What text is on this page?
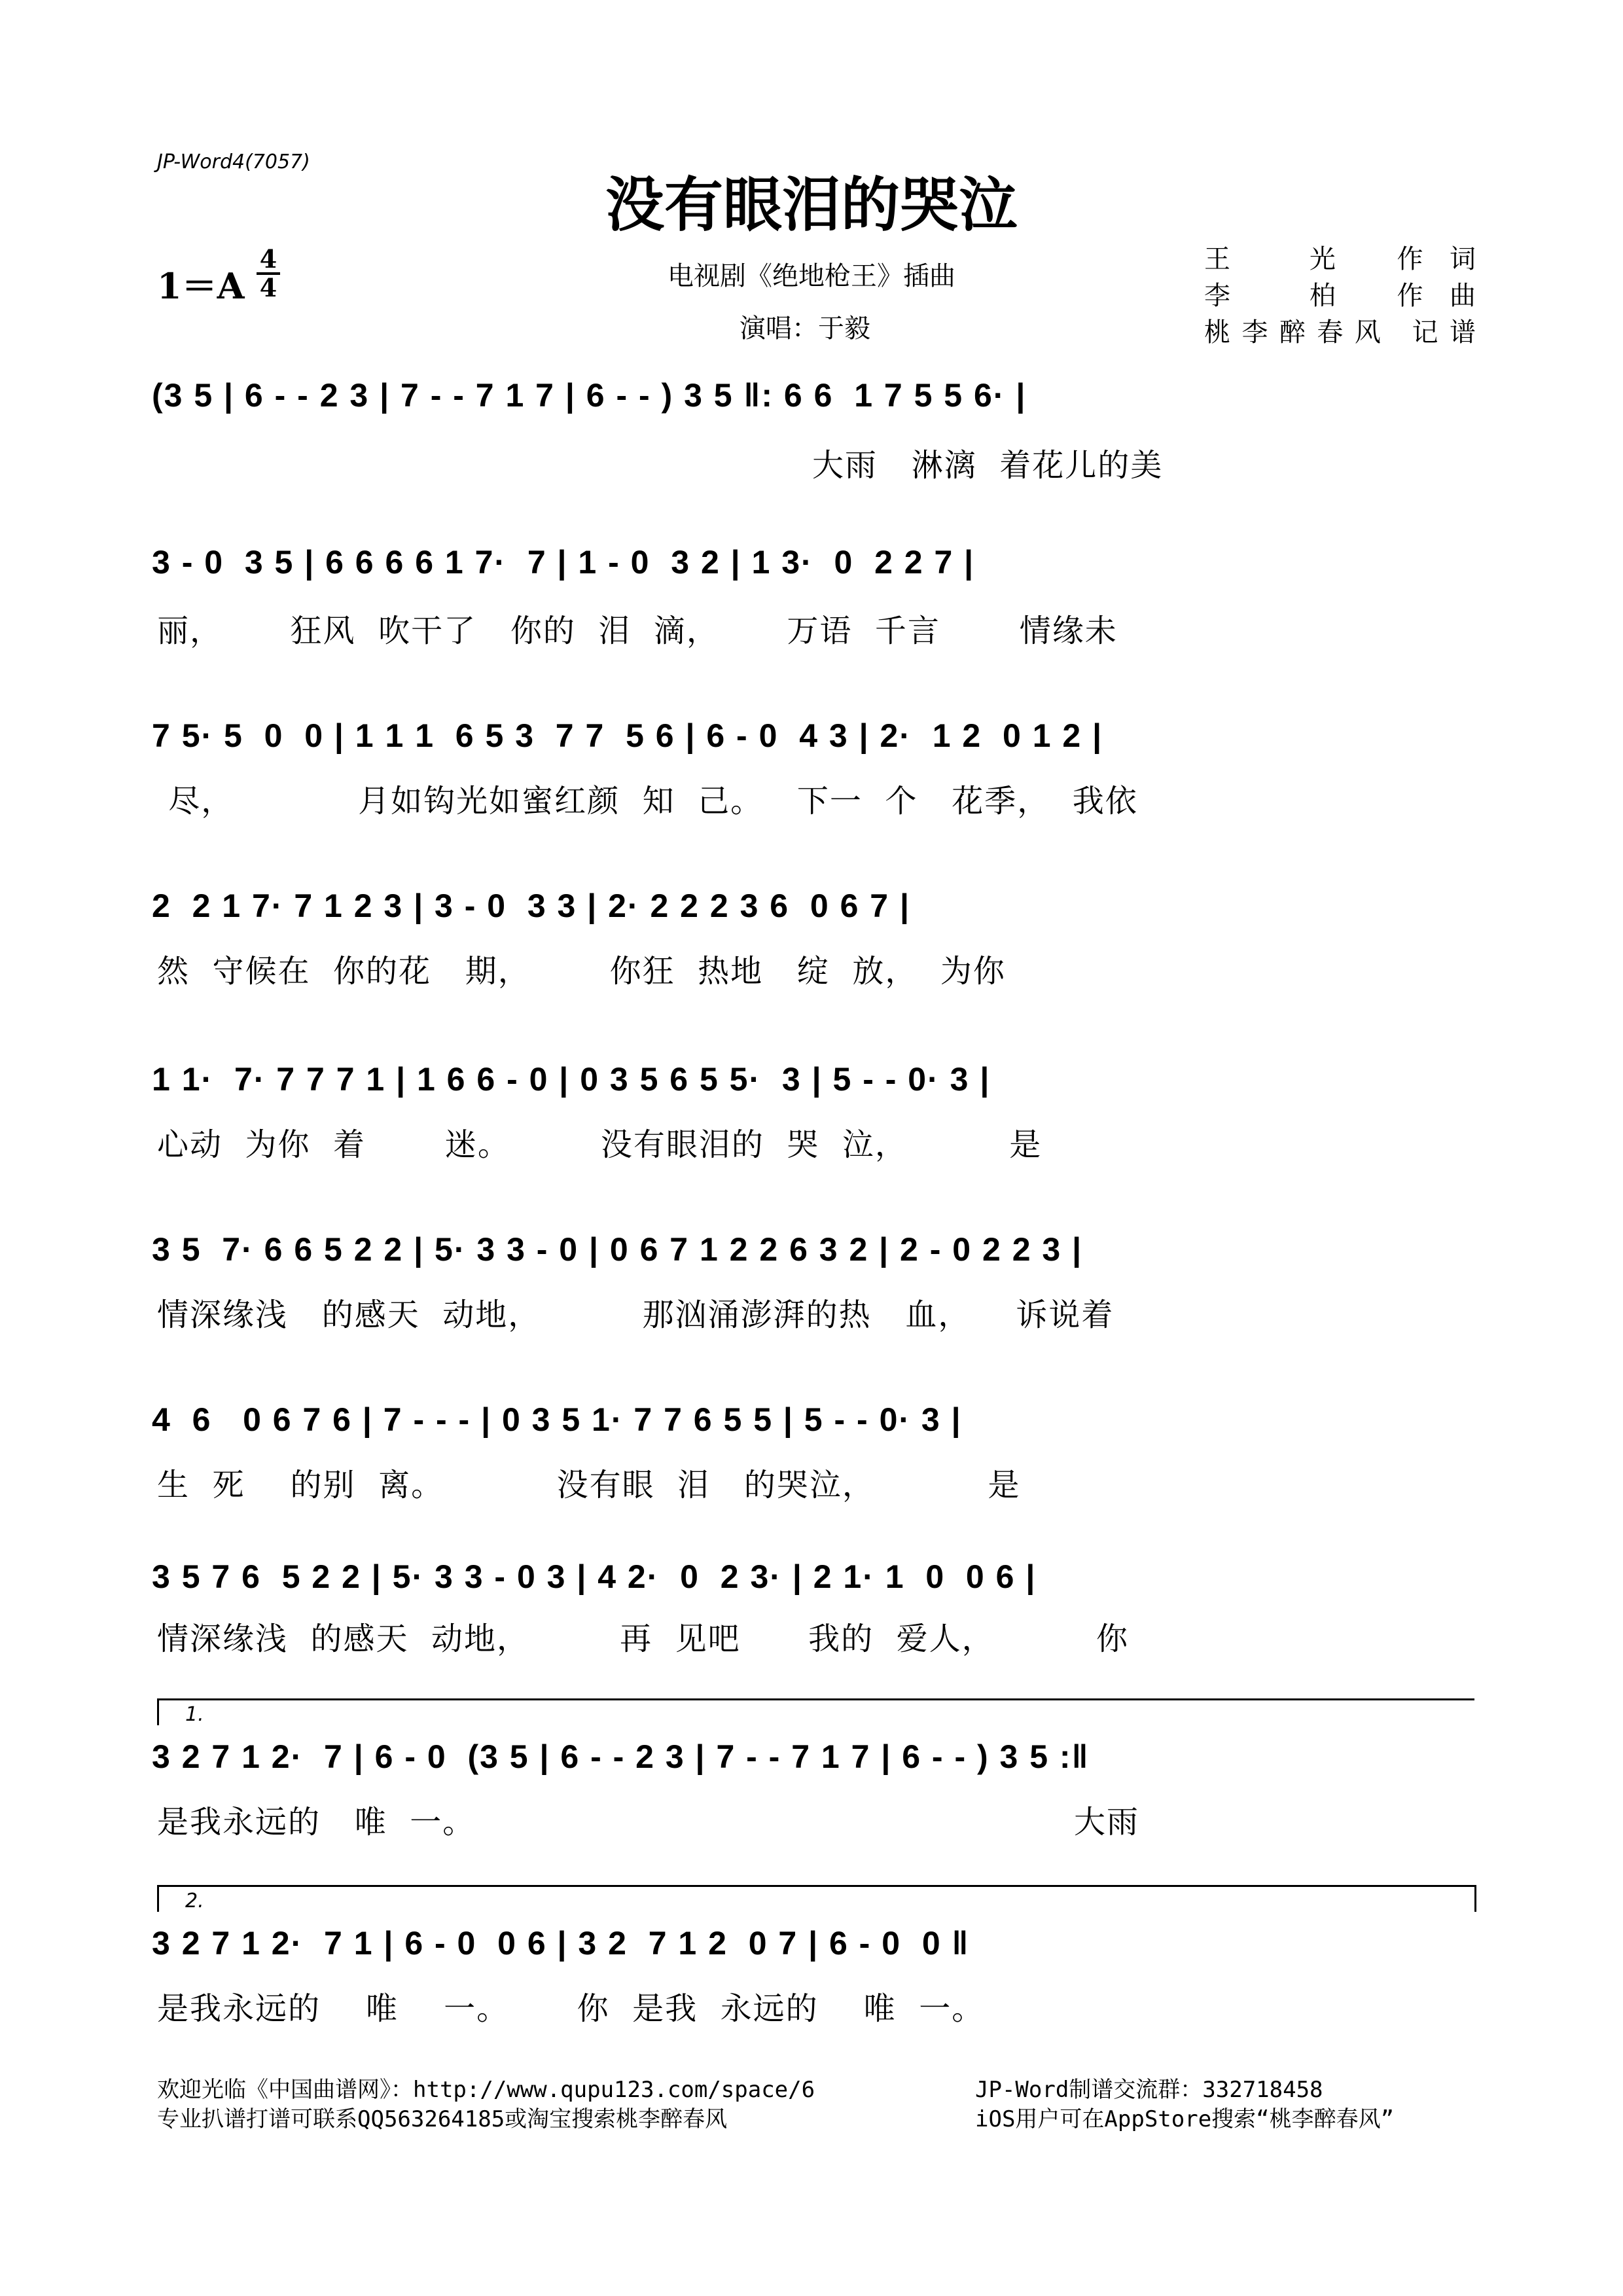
JP-Word4(7057)
没有眼泪的哭泣
1＝A
4
4	电视剧《绝地枪王》插曲
演唱：于毅
王　光 作词
李　柏 作曲
桃李醉春风 记谱
(3 5 | 6 - - 2 3 | 7 - - 7 1 7 | 6 - - ) 3 5 ‖: 6 6  1 7 5 5 6· |
大雨   淋漓  着花儿的美
3 - 0  3 5 | 6 6 6 6 1 7·  7 | 1 - 0  3 2 | 1 3·  0  2 2 7 |
丽，      狂风  吹干了   你的  泪  滴，      万语  千言       情缘未
7 5· 5  0  0 | 1 1 1  6 5 3  7 7  5 6 | 6 - 0  4 3 | 2·  1 2  0 1 2 |
尽，           月如钩光如蜜红颜  知  己。   下一  个   花季，  我依
2  2 1 7· 7 1 2 3 | 3 - 0  3 3 | 2· 2 2 2 3 6  0 6 7 |
然  守候在  你的花   期，       你狂  热地   绽  放，  为你
1 1·  7· 7 7 7 1 | 1 6 6 - 0 | 0 3 5 6 5 5·  3 | 5 - - 0· 3 |
心动  为你  着       迷。        没有眼泪的  哭  泣，         是
3 5  7· 6 6 5 2 2 | 5· 3 3 - 0 | 0 6 7 1 2 2 6 3 2 | 2 - 0 2 2 3 |
情深缘浅   的感天  动地，         那汹涌澎湃的热   血，    诉说着
4  6   0 6 7 6 | 7 - - - | 0 3 5 1· 7 7 6 5 5 | 5 - - 0· 3 |
生  死    的别  离。          没有眼  泪   的哭泣，          是
3 5 7 6  5 2 2 | 5· 3 3 - 0 3 | 4 2·  0  2 3· | 2 1· 1  0  0 6 |
情深缘浅  的感天  动地，        再  见吧      我的  爱人，         你
1.
3 2 7 1 2·  7 | 6 - 0  (3 5 | 6 - - 2 3 | 7 - - 7 1 7 | 6 - - ) 3 5 :‖
是我永远的   唯  一。                                                     大雨
2.
3 2 7 1 2·  7 1 | 6 - 0  0 6 | 3 2  7 1 2  0 7 | 6 - 0  0 ‖
是我永远的    唯    一。      你  是我  永远的    唯  一。
欢迎光临《中国曲谱网》：http://www.qupu123.com/space/6
专业扒谱打谱可联系QQ563264185或淘宝搜索桃李醉春风
JP-Word制谱交流群：332718458
iOS用户可在AppStore搜索“桃李醉春风”
